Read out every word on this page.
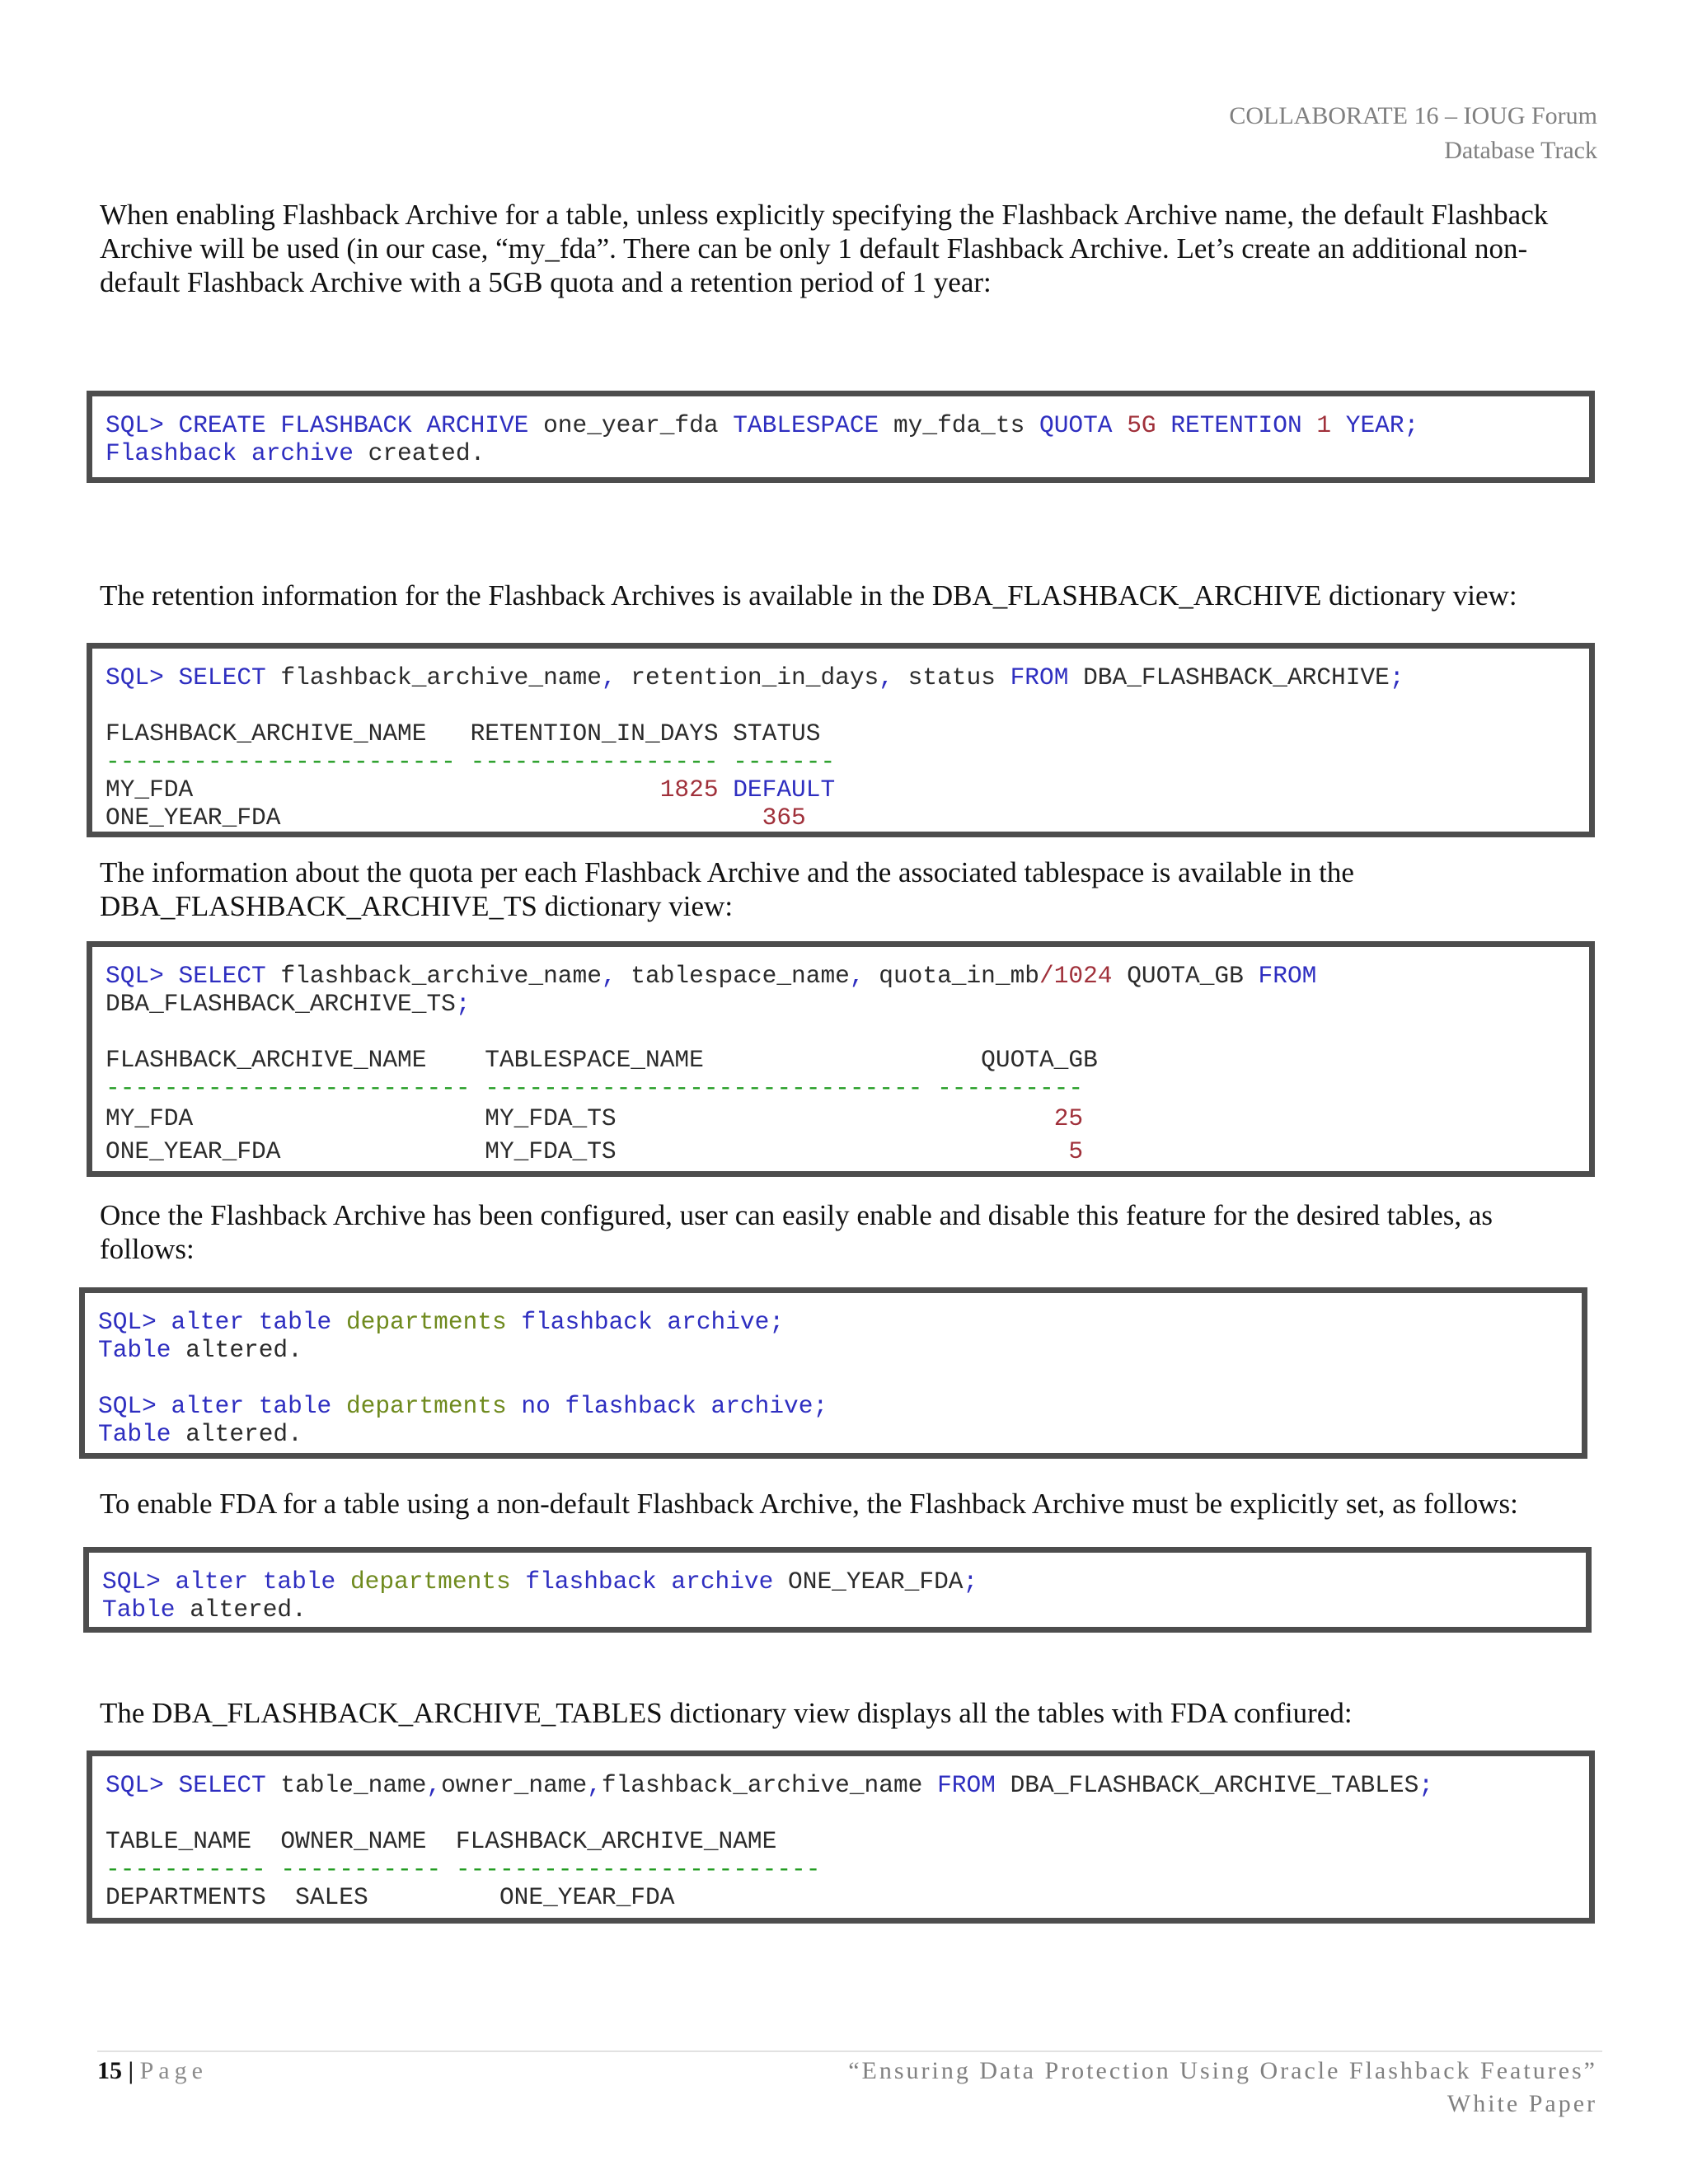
COLLABORATE 16 – IOUG Forum
Database Track
When enabling Flashback Archive for a table, unless explicitly specifying the Flashback Archive name, the default Flashback Archive will be used (in our case, “my_fda”. There can be only 1 default Flashback Archive. Let’s create an additional non-default Flashback Archive with a 5GB quota and a retention period of 1 year:
SQL> CREATE FLASHBACK ARCHIVE one_year_fda TABLESPACE my_fda_ts QUOTA 5G RETENTION 1 YEAR;
Flashback archive created.
The retention information for the Flashback Archives is available in the DBA_FLASHBACK_ARCHIVE dictionary view:
SQL> SELECT flashback_archive_name, retention_in_days, status FROM DBA_FLASHBACK_ARCHIVE;
FLASHBACK_ARCHIVE_NAME   RETENTION_IN_DAYS STATUS
------------------------ ----------------- -------
MY_FDA	1825 DEFAULT
ONE_YEAR_FDA	365
The information about the quota per each Flashback Archive and the associated tablespace is available in the DBA_FLASHBACK_ARCHIVE_TS dictionary view:
SQL> SELECT flashback_archive_name, tablespace_name, quota_in_mb/1024 QUOTA_GB FROM
DBA_FLASHBACK_ARCHIVE_TS;
FLASHBACK_ARCHIVE_NAME    TABLESPACE_NAME                   QUOTA_GB
------------------------- ------------------------------ ----------
MY_FDA                    MY_FDA_TS                              25
ONE_YEAR_FDA              MY_FDA_TS                               5
Once the Flashback Archive has been configured, user can easily enable and disable this feature for the desired tables, as follows:
SQL> alter table departments flashback archive;
Table altered.
SQL> alter table departments no flashback archive;
Table altered.
To enable FDA for a table using a non-default Flashback Archive, the Flashback Archive must be explicitly set, as follows:
SQL> alter table departments flashback archive ONE_YEAR_FDA;
Table altered.
The DBA_FLASHBACK_ARCHIVE_TABLES dictionary view displays all the tables with FDA confiured:
SQL> SELECT table_name,owner_name,flashback_archive_name FROM DBA_FLASHBACK_ARCHIVE_TABLES;
TABLE_NAME  OWNER_NAME  FLASHBACK_ARCHIVE_NAME
----------- ----------- -------------------------
DEPARTMENTS  SALES         ONE_YEAR_FDA
15 | Page	“Ensuring Data Protection Using Oracle Flashback Features”
White Paper
